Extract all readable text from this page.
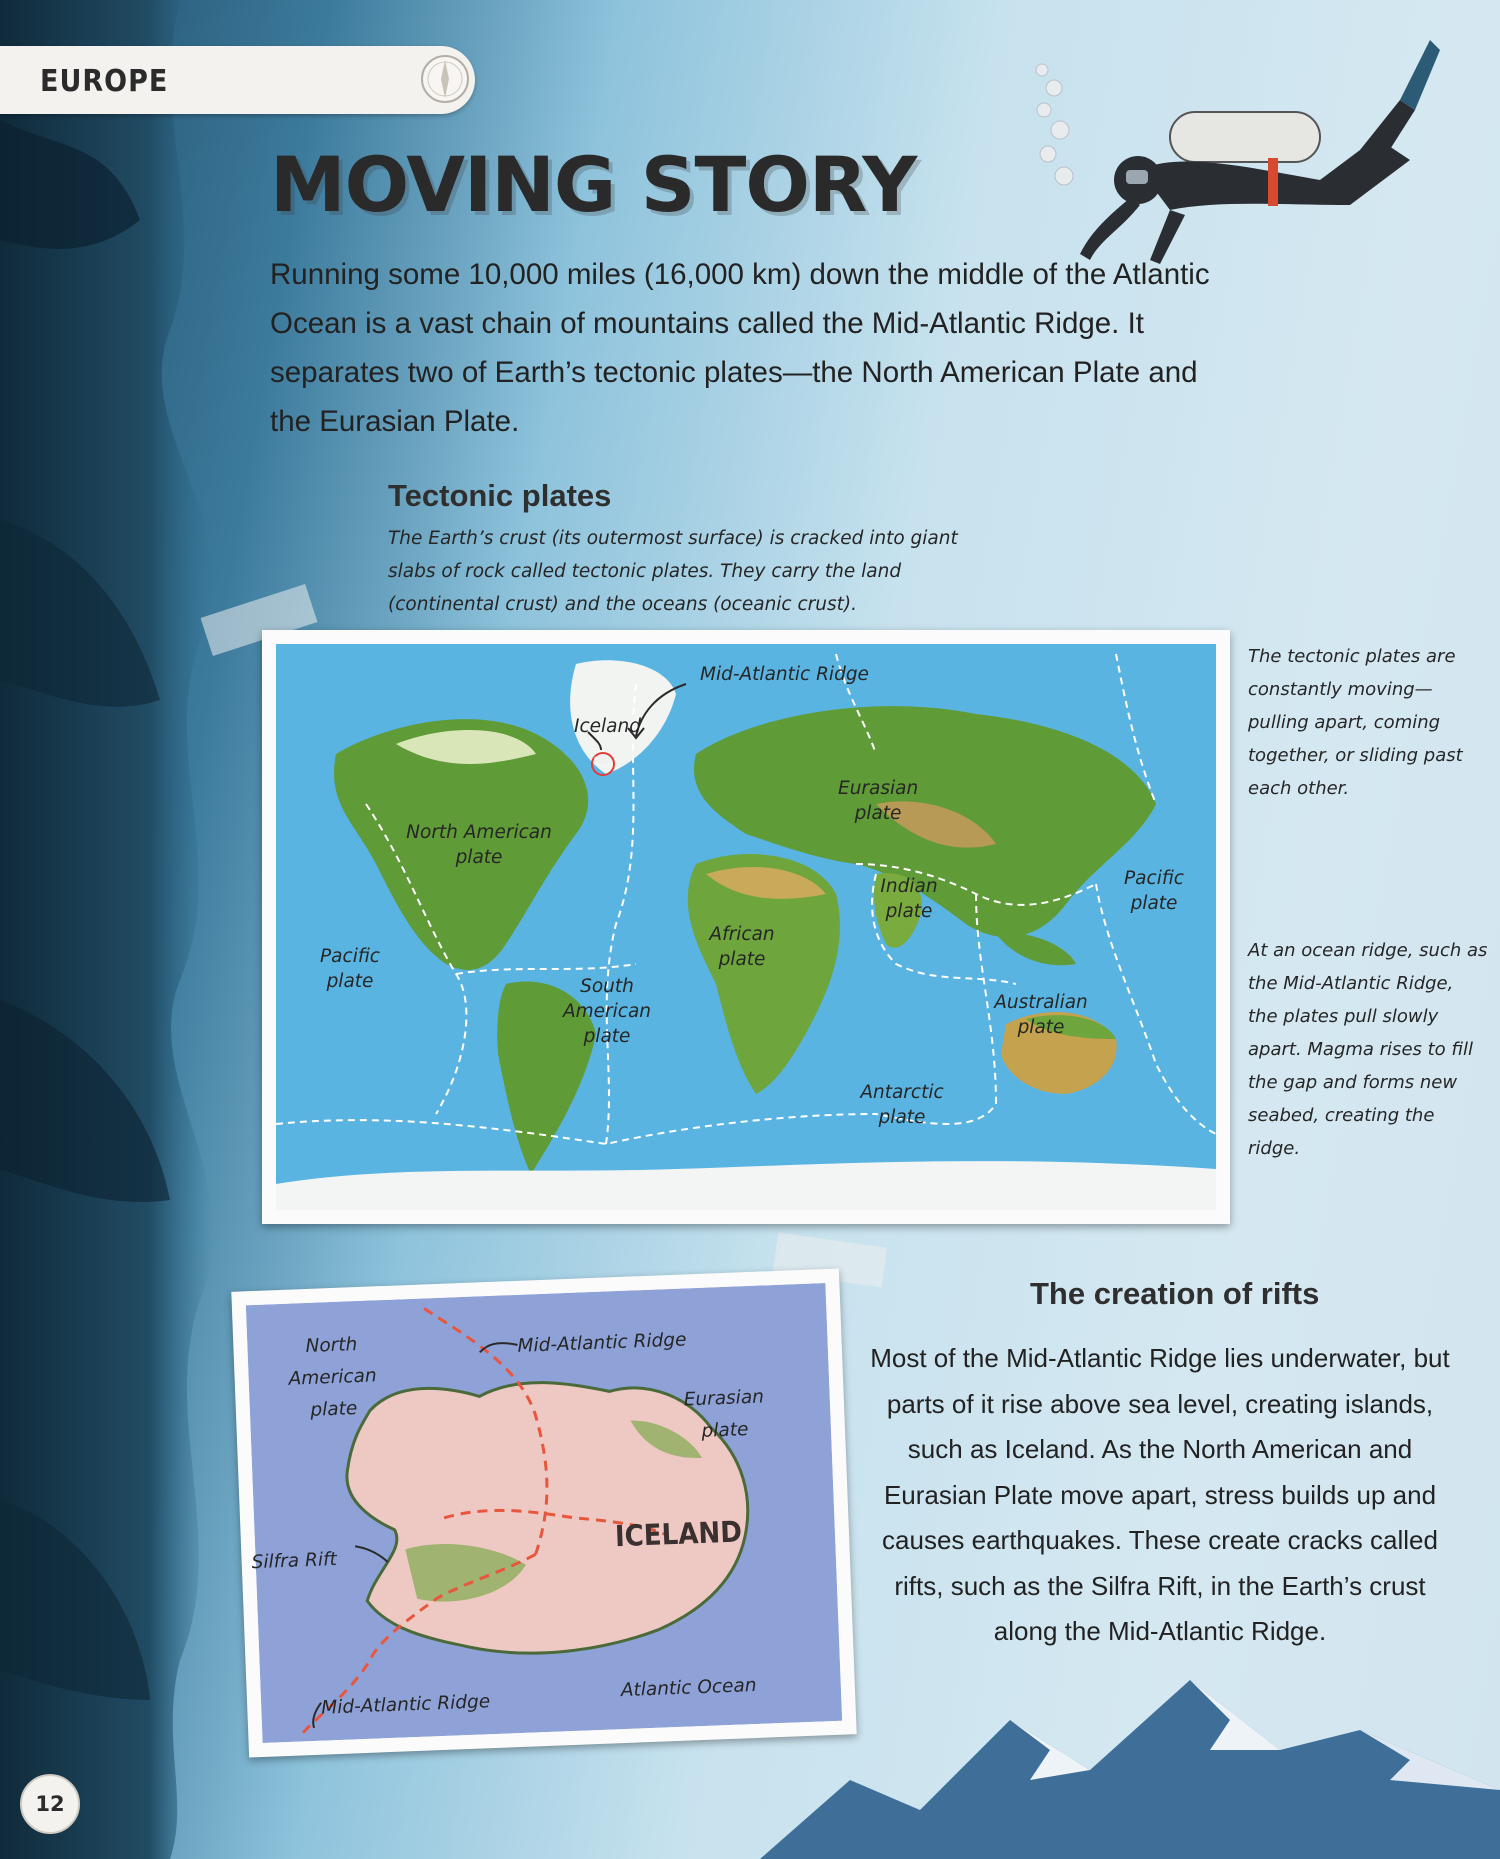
EUROPE
MOVING STORY

Running some 10,000 miles (16,000 km) down the middle of the Atlantic Ocean is a vast chain of mountains called the Mid-Atlantic Ridge. It separates two of Earth’s tectonic plates—the North American Plate and the Eurasian Plate.

Tectonic plates

The Earth’s crust (its outermost surface) is cracked into giant slabs of rock called tectonic plates. They carry the land (continental crust) and the oceans (oceanic crust).

Mid-Atlantic Ridge
Iceland
North American plate
Eurasian plate
Indian plate
Pacific plate
Pacific plate
African plate
South American plate
Australian plate
Antarctic plate

The tectonic plates are constantly moving—pulling apart, coming together, or sliding past each other.

At an ocean ridge, such as the Mid-Atlantic Ridge, the plates pull slowly apart. Magma rises to fill the gap and forms new seabed, creating the ridge.

North American plate
Mid-Atlantic Ridge
Eurasian plate
ICELAND
Silfra Rift
Mid-Atlantic Ridge
Atlantic Ocean
The creation of rifts

Most of the Mid-Atlantic Ridge lies underwater, but parts of it rise above sea level, creating islands, such as Iceland. As the North American and Eurasian Plate move apart, stress builds up and causes earthquakes. These create cracks called rifts, such as the Silfra Rift, in the Earth’s crust along the Mid-Atlantic Ridge.

12
